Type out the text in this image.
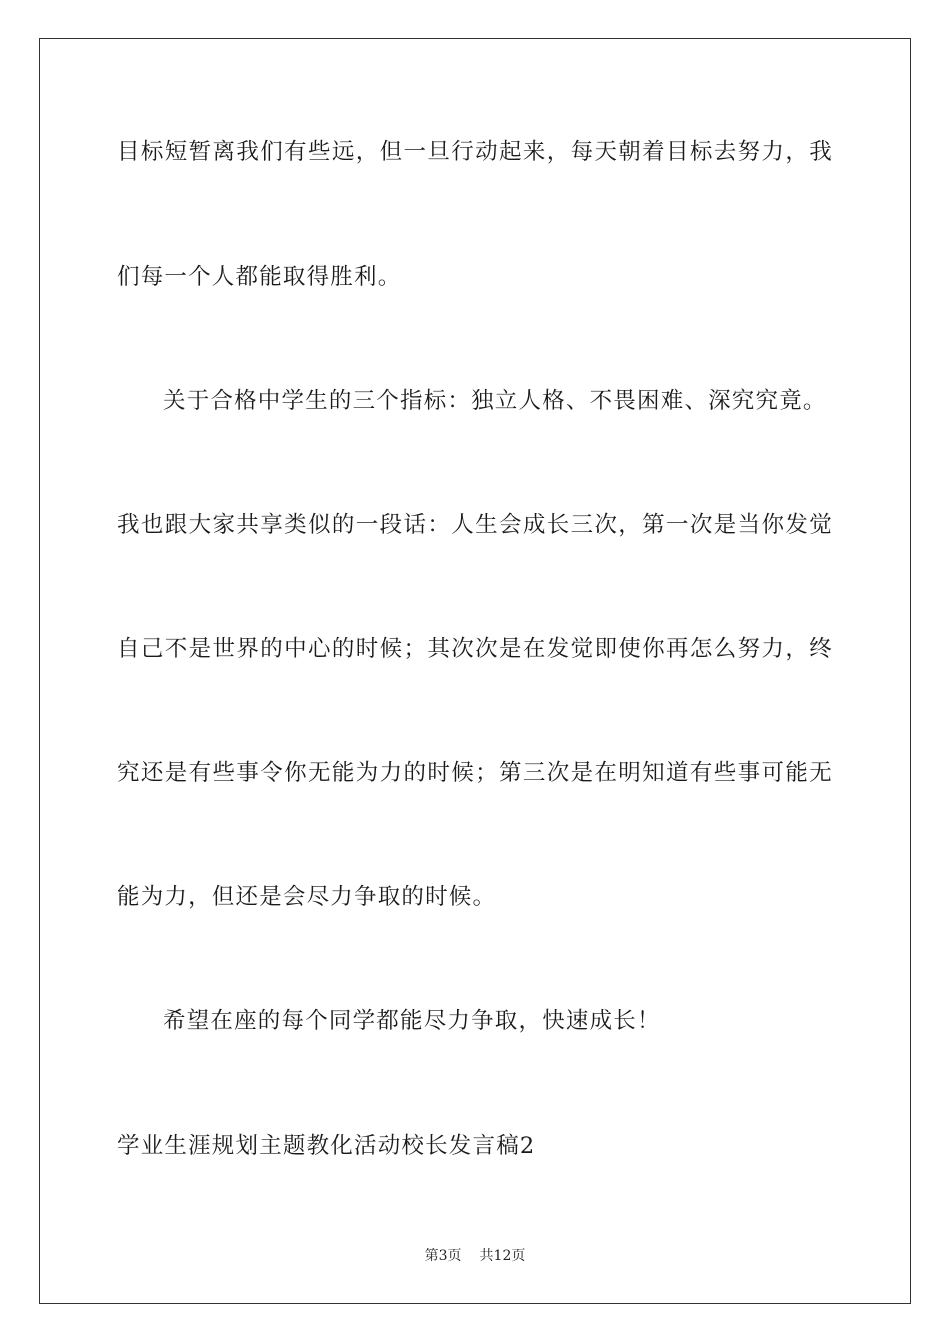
目标短暂离我们有些远，但一旦行动起来，每天朝着目标去努力，我
们每一个人都能取得胜利。
关于合格中学生的三个指标：独立人格、不畏困难、深究究竟。
我也跟大家共享类似的一段话：人生会成长三次，第一次是当你发觉
自己不是世界的中心的时候；其次次是在发觉即使你再怎么努力，终
究还是有些事令你无能为力的时候；第三次是在明知道有些事可能无
能为力，但还是会尽力争取的时候。
希望在座的每个同学都能尽力争取，快速成长！
学业生涯规划主题教化活动校长发言稿2
第3页 共12页
